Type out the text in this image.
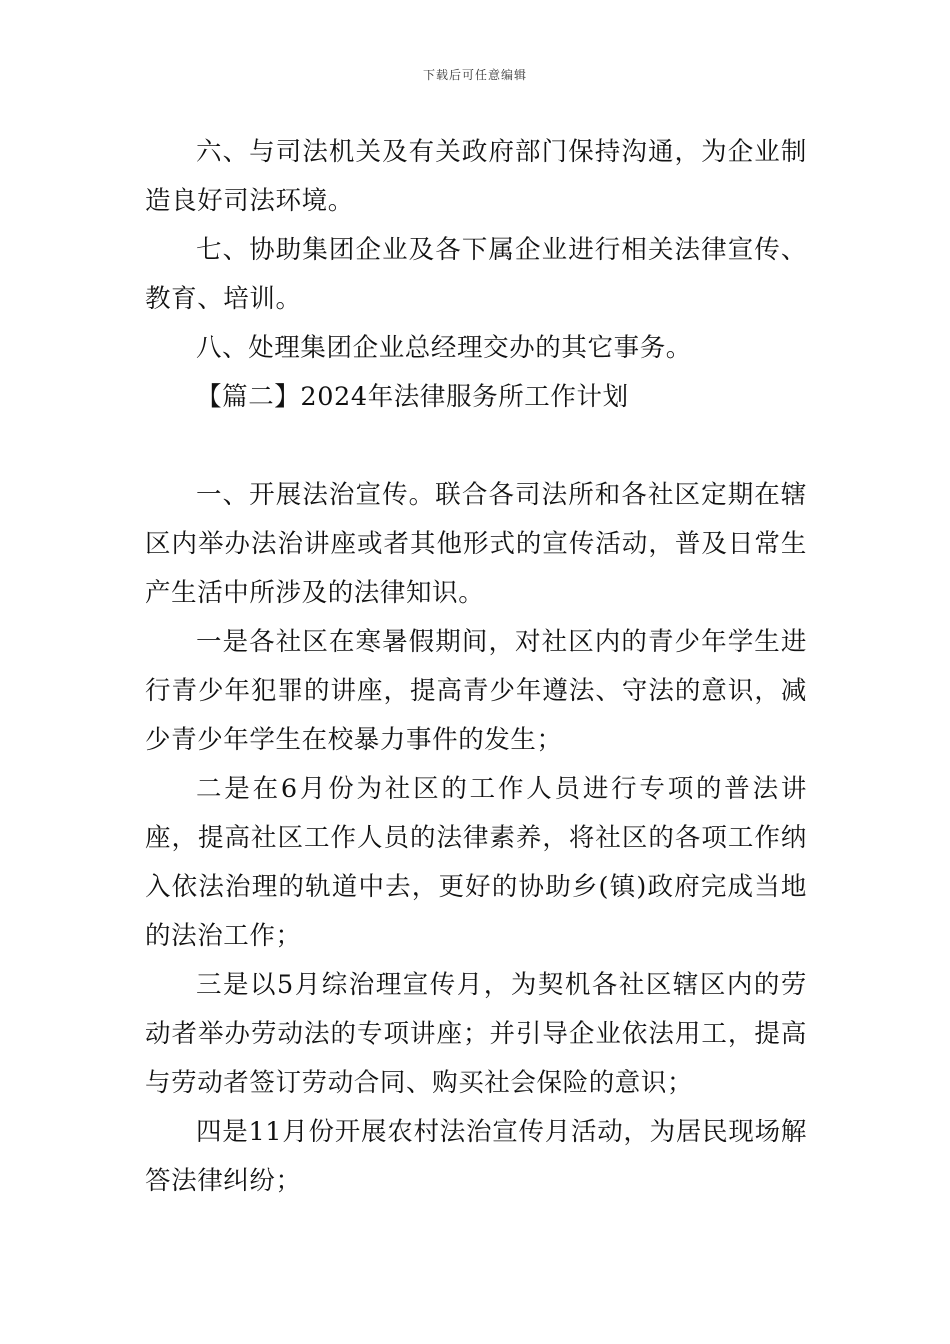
下载后可任意编辑

六、与司法机关及有关政府部门保持沟通，为企业制造良好司法环境。

七、协助集团企业及各下属企业进行相关法律宣传、教育、培训。

八、处理集团企业总经理交办的其它事务。

【篇二】2024年法律服务所工作计划

一、开展法治宣传。联合各司法所和各社区定期在辖区内举办法治讲座或者其他形式的宣传活动，普及日常生产生活中所涉及的法律知识。

一是各社区在寒暑假期间，对社区内的青少年学生进行青少年犯罪的讲座，提高青少年遵法、守法的意识，减少青少年学生在校暴力事件的发生；

二是在6月份为社区的工作人员进行专项的普法讲座，提高社区工作人员的法律素养，将社区的各项工作纳入依法治理的轨道中去，更好的协助乡(镇)政府完成当地的法治工作；

三是以5月综治理宣传月，为契机各社区辖区内的劳动者举办劳动法的专项讲座；并引导企业依法用工，提高与劳动者签订劳动合同、购买社会保险的意识；

四是11月份开展农村法治宣传月活动，为居民现场解答法律纠纷；
